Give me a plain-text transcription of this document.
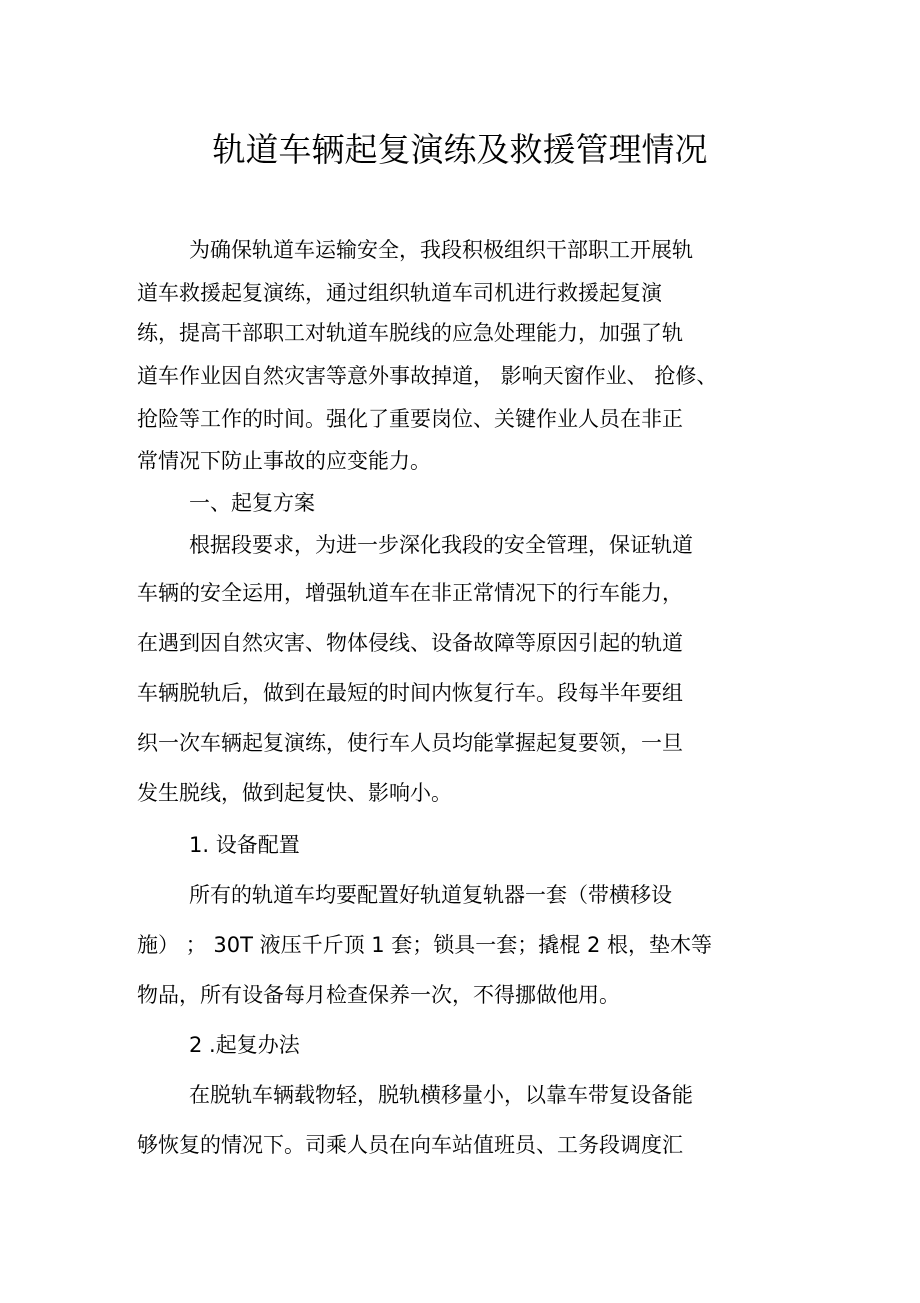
轨道车辆起复演练及救援管理情况
为确保轨道车运输安全，我段积极组织干部职工开展轨
道车救援起复演练，通过组织轨道车司机进行救援起复演
练，提高干部职工对轨道车脱线的应急处理能力，加强了轨
道车作业因自然灾害等意外事故掉道， 影响天窗作业、 抢修、
抢险等工作的时间。强化了重要岗位、关键作业人员在非正
常情况下防止事故的应变能力。
一、起复方案
根据段要求，为进一步深化我段的安全管理，保证轨道
车辆的安全运用，增强轨道车在非正常情况下的行车能力，
在遇到因自然灾害、物体侵线、设备故障等原因引起的轨道
车辆脱轨后，做到在最短的时间内恢复行车。段每半年要组
织一次车辆起复演练，使行车人员均能掌握起复要领，一旦
发生脱线，做到起复快、影响小。
1. 设备配置
所有的轨道车均要配置好轨道复轨器一套（带横移设
施） ； 30T 液压千斤顶 1 套；锁具一套；撬棍 2 根，垫木等
物品，所有设备每月检查保养一次，不得挪做他用。
2 .起复办法
在脱轨车辆载物轻，脱轨横移量小，以靠车带复设备能
够恢复的情况下。司乘人员在向车站值班员、工务段调度汇
